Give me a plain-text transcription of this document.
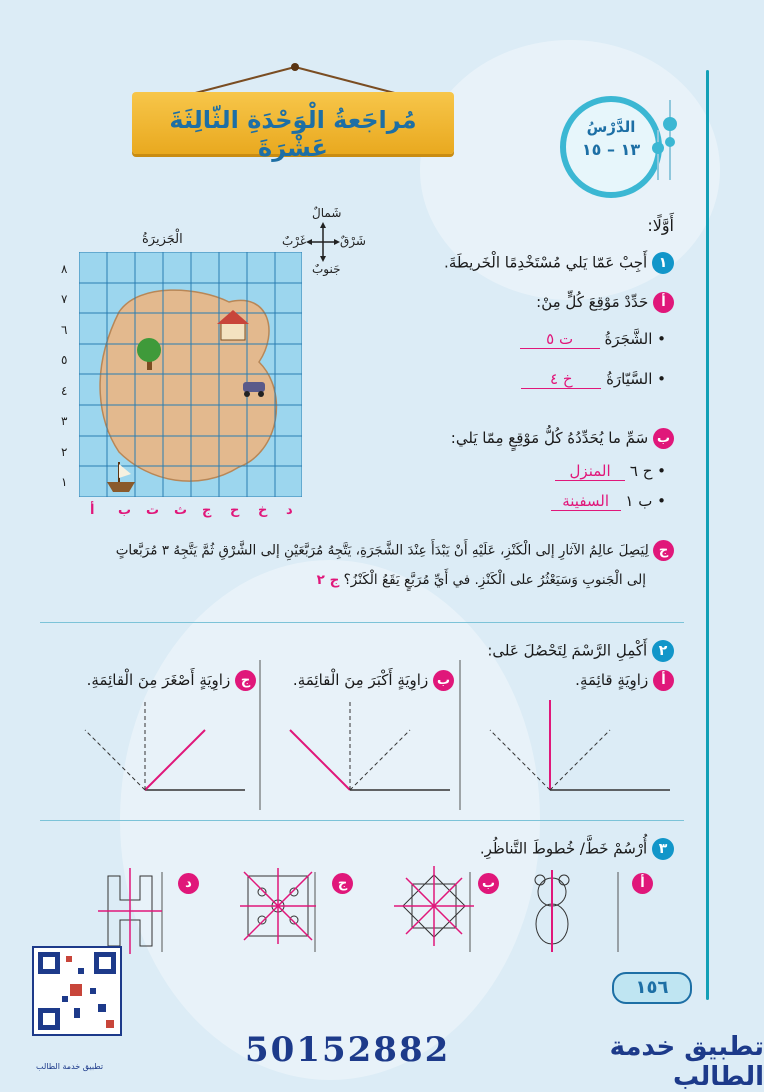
مُراجَعةُ الْوَحْدَةِ الثّالِثَةَ عَشْرَةَ
الدَّرْسُ
١٣ – ١٥
أَوَّلًا:
١ أَجِبْ عَمّا يَلي مُسْتَخْدِمًا الْخَريطَةَ.
أ حَدِّدْ مَوْقِعَ كُلٍّ مِنْ:
• الشَّجَرَةُ ت ٥
• السَّيّارَةُ خ ٤
ب سَمِّ ما يُحَدِّدُهُ كُلُّ مَوْقِعٍ مِمّا يَلي:
• ح ٦ المنزل
• ب ١ السفينة
شَمالٌ
جَنوبٌ
شَرْقٌ
غَرْبٌ
الْجَزيرَةُ
٨
٧
٦
٥
٤
٣
٢
١
د
خ
ح
ج
ث
ت
ب
أ
ج لِيَصِلَ عالِمُ الآثارِ إلى الْكَنْزِ، عَلَيْهِ أَنْ يَبْدَأَ عِنْدَ الشَّجَرَةِ، يَتَّجِهُ مُرَبَّعَيْنِ إلى الشَّرْقِ ثُمَّ يَتَّجِهُ ٣ مُرَبَّعاتٍ
إلى الْجَنوبِ وَسَيَعْثُرُ على الْكَنْزِ. في أَيِّ مُرَبَّعٍ يَقَعُ الْكَنْزُ؟ ج ٢
٢ أَكْمِلِ الرَّسْمَ لِتَحْصُلَ عَلى:
أ زاوِيَةٍ قائِمَةٍ.
ب زاوِيَةٍ أَكْبَرَ مِنَ الْقائِمَةِ.
ج زاوِيَةٍ أَصْغَرَ مِنَ الْقائِمَةِ.
٣ أُرْسُمْ خَطَّ/ خُطوطَ التَّناظُرِ.
أ
ب
ج
د
١٥٦
تطبيق خدمة الطالب	50152882	تطبيق خدمة الطالب
